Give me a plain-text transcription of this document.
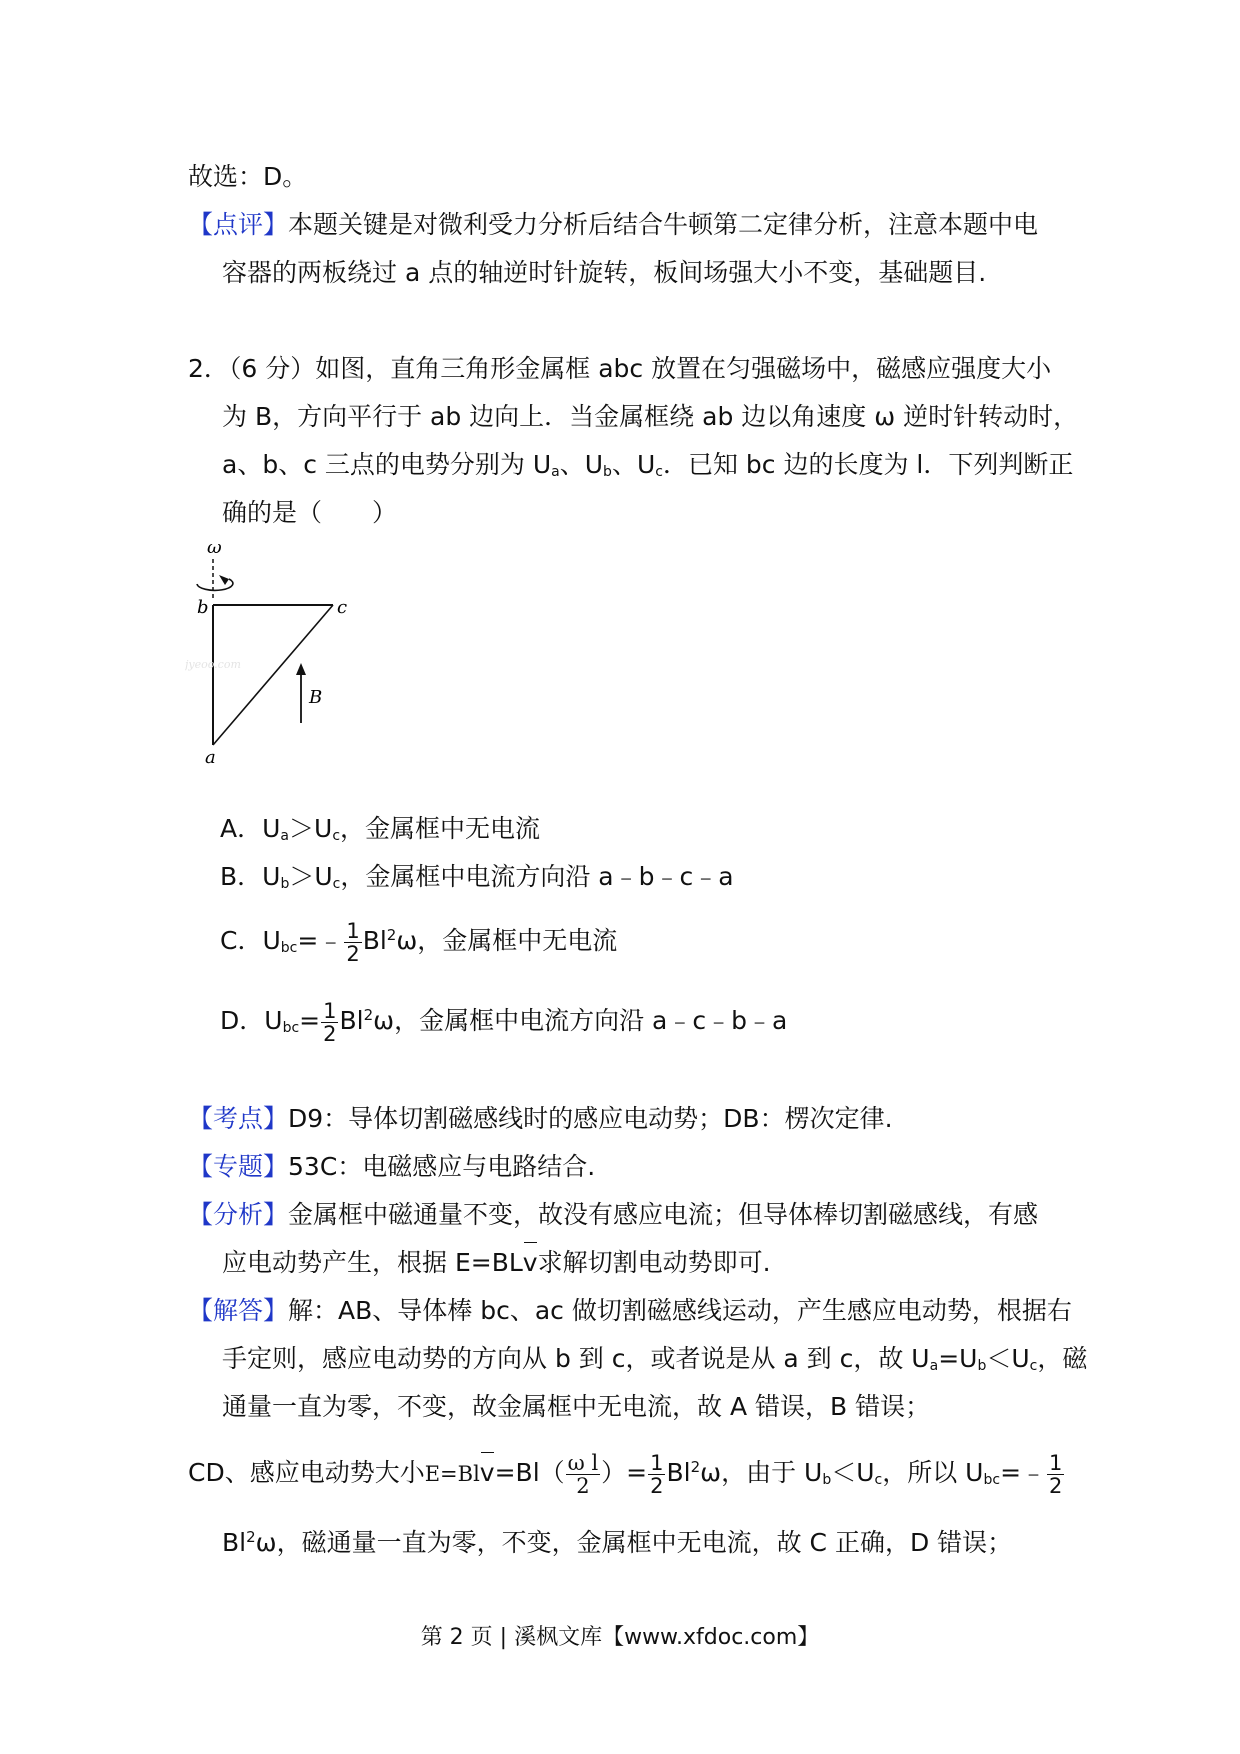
故选：D。
【点评】本题关键是对微利受力分析后结合牛顿第二定律分析，注意本题中电
容器的两板绕过 a 点的轴逆时针旋转，板间场强大小不变，基础题目.
2．（6 分）如图，直角三角形金属框 abc 放置在匀强磁场中，磁感应强度大小
为 B，方向平行于 ab 边向上．当金属框绕 ab 边以角速度 ω 逆时针转动时，
a、b、c 三点的电势分别为 $U_a$、$U_b$、$U_c$．已知 bc 边的长度为 l．下列判断正
确的是（　　）
ω
b	c
a
B
jyeoo.com
A．$U_a>U_c$，金属框中无电流
B．$U_b>U_c$，金属框中电流方向沿 a﹣b﹣c﹣a
C．$U_{bc}=﹣ \frac{1}{2} Bl^2\omega$，金属框中无电流
D．$U_{bc}= \frac{1}{2} Bl^2\omega$，金属框中电流方向沿 a﹣c﹣b﹣a
【考点】D9：导体切割磁感线时的感应电动势；DB：楞次定律.
【专题】53C：电磁感应与电路结合.
【分析】金属框中磁通量不变，故没有感应电流；但导体棒切割磁感线，有感
应电动势产生，根据 E=BLv求解切割电动势即可.
【解答】解：AB、导体棒 bc、ac 做切割磁感线运动，产生感应电动势，根据右
手定则，感应电动势的方向从 b 到 c，或者说是从 a 到 c，故 $U_a=U_b<U_c$，磁
通量一直为零，不变，故金属框中无电流，故 A 错误，B 错误；
CD、感应电动势大小$E=Blv=Bl( \frac{\text{ω l}}{2}$ ）= $\frac{1}{2} Bl^2\omega$，由于 $U_b<U_c$，所以 $U_{bc}=﹣ \frac{1}{2}$
Bl$^2$ω，磁通量一直为零，不变，金属框中无电流，故 C 正确，D 错误；
第 2 页 | 溪枫文库【www.xfdoc.com】
